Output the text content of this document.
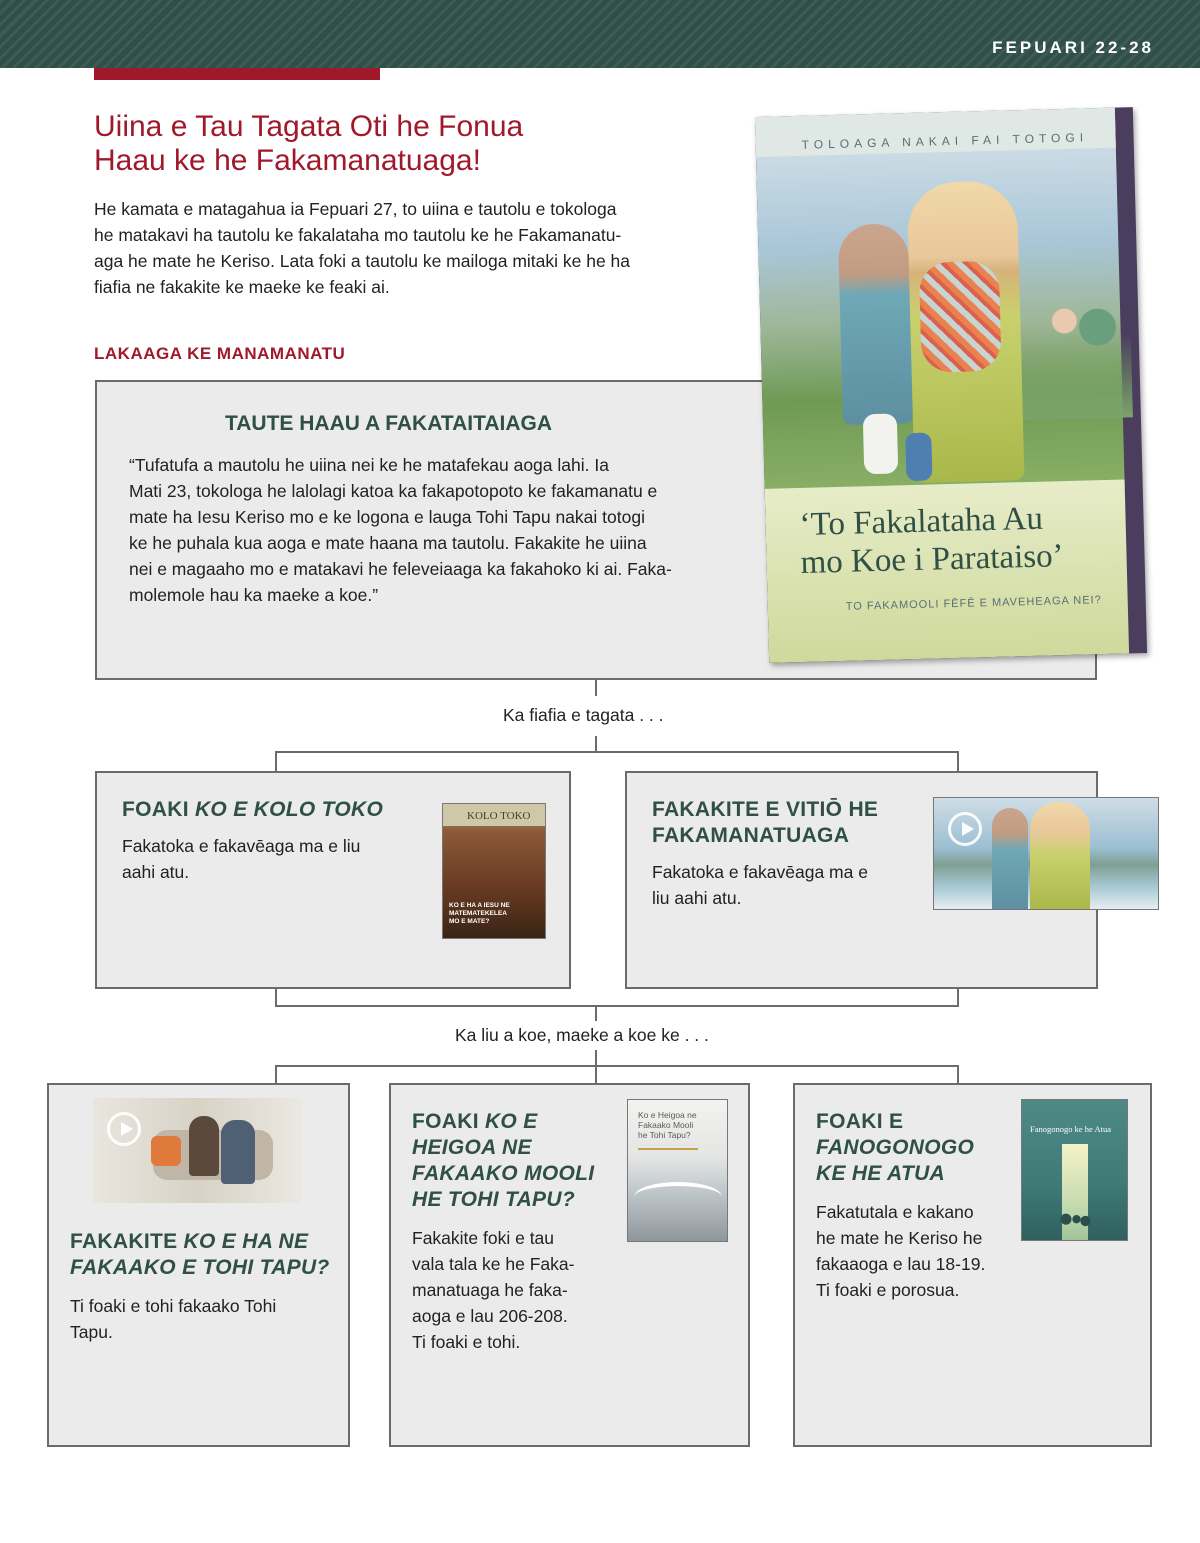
FEPUARI 22-28
Uiina e Tau Tagata Oti he Fonua
Haau ke he Fakamanatuaga!
He kamata e matagahua ia Fepuari 27, to uiina e tautolu e tokologa
he matakavi ha tautolu ke fakalataha mo tautolu ke he Fakamanatu-
aga he mate he Keriso. Lata foki a tautolu ke mailoga mitaki ke he ha
fiafia ne fakakite ke maeke ke feaki ai.
LAKAAGA KE MANAMANATU
TAUTE HAAU A FAKATAITAIAGA
“Tufatufa a mautolu he uiina nei ke he matafekau aoga lahi. Ia
Mati 23, tokologa he lalolagi katoa ka fakapotopoto ke fakamanatu e
mate ha Iesu Keriso mo e ke logona e lauga Tohi Tapu nakai totogi
ke he puhala kua aoga e mate haana ma tautolu. Fakakite he uiina
nei e magaaho mo e matakavi he feleveiaaga ka fakahoko ki ai. Faka-
molemole hau ka maeke a koe.”
TOLOAGA NAKAI FAI TOTOGI
‘To Fakalataha Au
mo Koe i Parataiso’
TO FAKAMOOLI FĒFĒ E MAVEHEAGA NEI?
Ka fiafia e tagata . . .
FOAKI KO E KOLO TOKO
Fakatoka e fakavēaga ma e liu
aahi atu.
KOLO TOKO
KO E HA A IESU NE
MATEMATEKELEA
MO E MATE?
FAKAKITE E VITIŌ HE
FAKAMANATUAGA
Fakatoka e fakavēaga ma e
liu aahi atu.
Ka liu a koe, maeke a koe ke . . .
FAKAKITE KO E HA NE
FAKAAKO E TOHI TAPU?
Ti foaki e tohi fakaako Tohi
Tapu.
FOAKI KO E
HEIGOA NE
FAKAAKO MOOLI
HE TOHI TAPU?
Fakakite foki e tau
vala tala ke he Faka-
manatuaga he faka-
aoga e lau 206-208.
Ti foaki e tohi.
Ko e Heigoa ne
Fakaako Mooli
he Tohi Tapu?
FOAKI E
FANOGONOGO
KE HE ATUA
Fakatutala e kakano
he mate he Keriso he
fakaaoga e lau 18-19.
Ti foaki e porosua.
Fanogonogo ke he Atua
